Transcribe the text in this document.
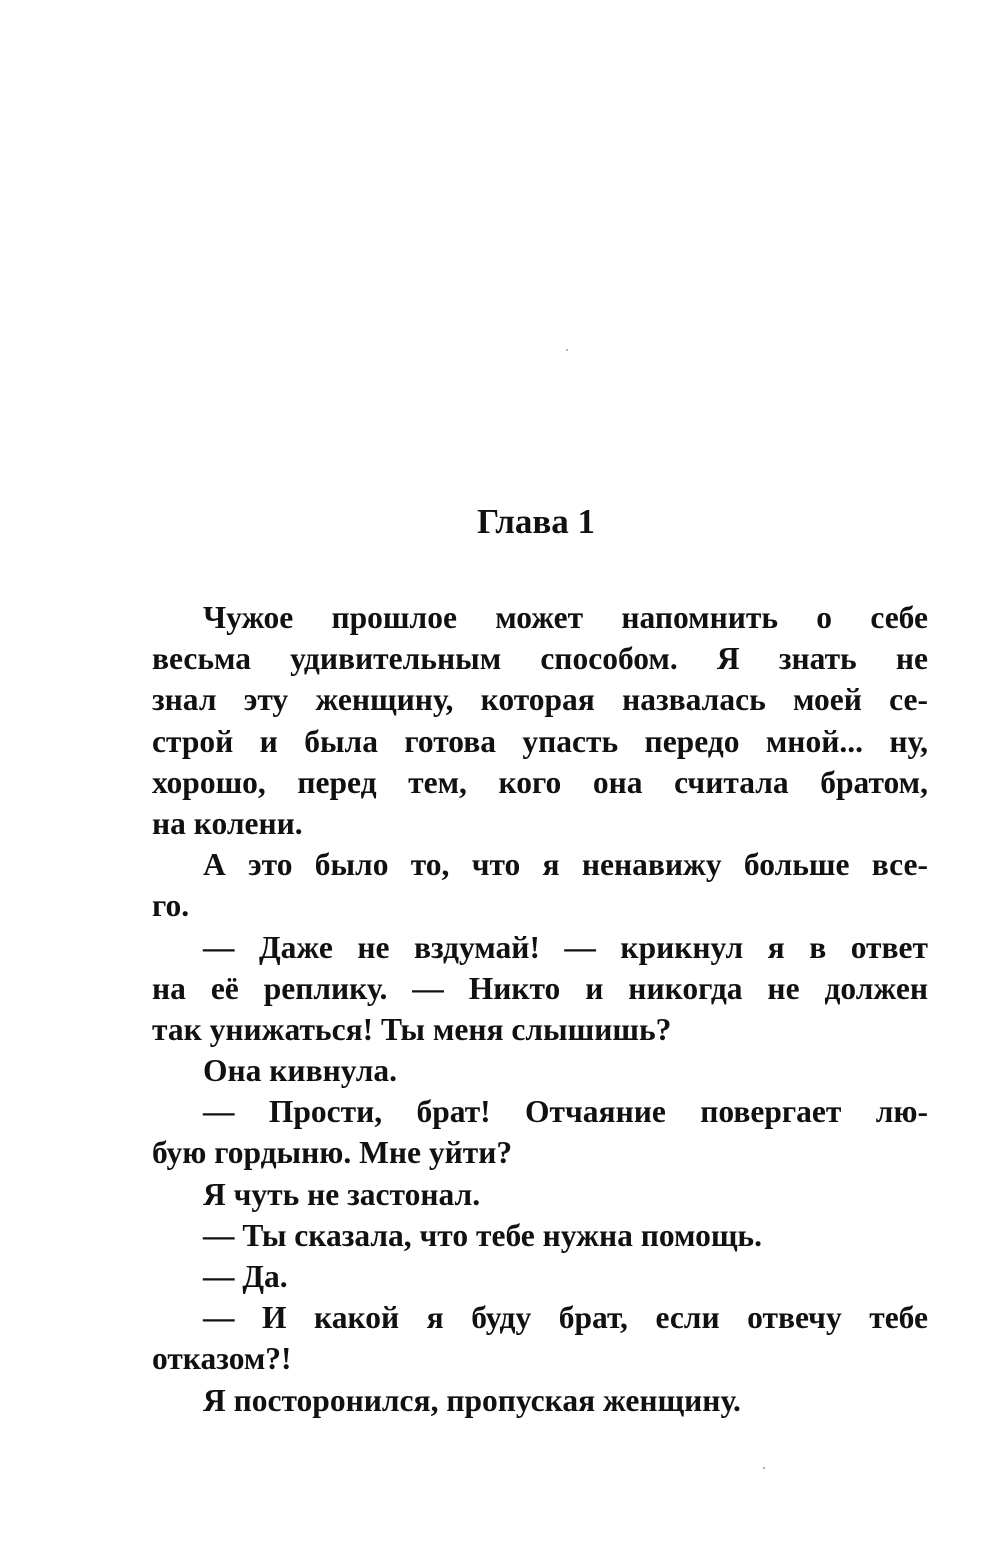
Глава 1
Чужое прошлое может напомнить о себе
весьма удивительным способом. Я знать не
знал эту женщину, которая назвалась моей се-
строй и была готова упасть передо мной... ну,
хорошо, перед тем, кого она считала братом,
на колени.
А это было то, что я ненавижу больше все-
го.
— Даже не вздумай! — крикнул я в ответ
на её реплику. — Никто и никогда не должен
так унижаться! Ты меня слышишь?
Она кивнула.
— Прости, брат! Отчаяние повергает лю-
бую гордыню. Мне уйти?
Я чуть не застонал.
— Ты сказала, что тебе нужна помощь.
— Да.
— И какой я буду брат, если отвечу тебе
отказом?!
Я посторонился, пропуская женщину.
